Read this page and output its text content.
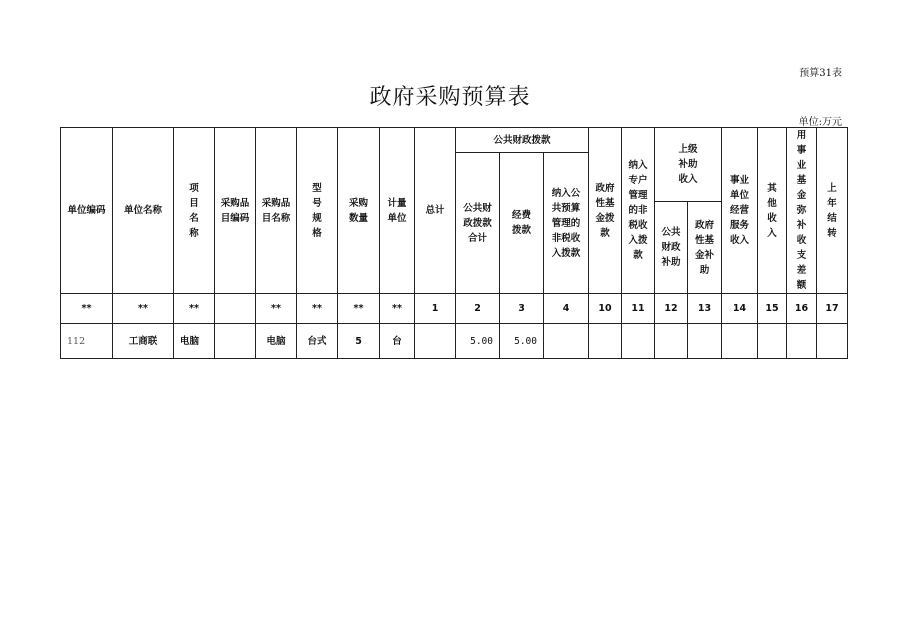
预算31表
政府采购预算表
单位:万元
单位编码	单位名称	项目名称	采购品目编码	采购品目名称	型号规格	采购数量	计量单位	总计	公共财政拨款			政府性基金拨款	纳入专户管理的非税收入拨款	上级补助收入		事业单位经营服务收入	其他收入	用事业基金弥补收支差额	上年结转
									公共财政拨款合计	经费拨款	纳入公共预算管理的非税收入拨款								
														公共财政补助	政府性基金补助				
**	**	**		**	**	**	**	1	2	3	4	10	11	12	13	14	15	16	17
112	工商联	电脑		电脑	台式	5	台		5.00	5.00									
